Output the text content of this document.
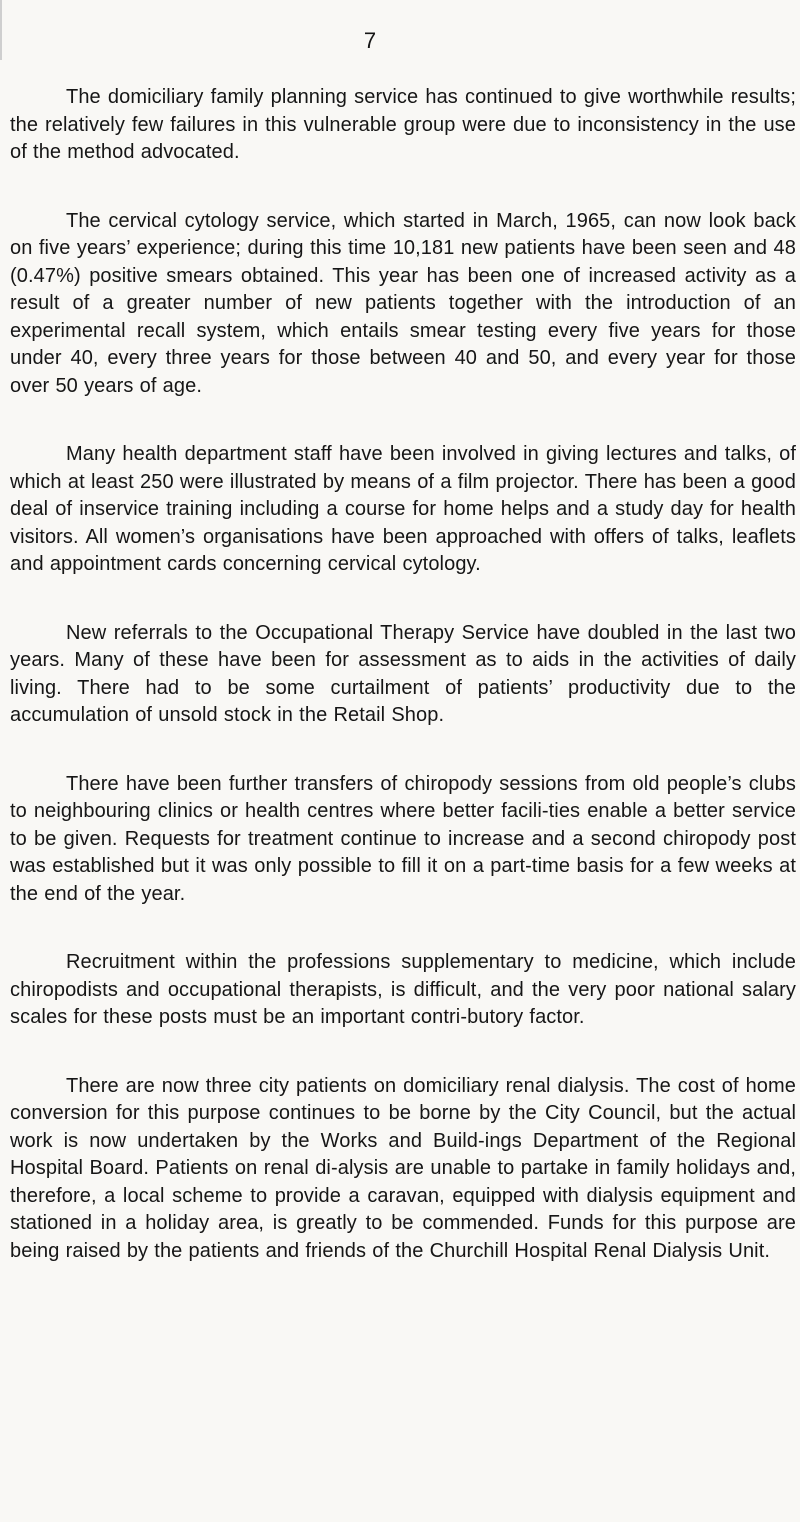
7

The domiciliary family planning service has continued to give worthwhile results; the relatively few failures in this vulnerable group were due to inconsistency in the use of the method advocated.

The cervical cytology service, which started in March, 1965, can now look back on five years’ experience; during this time 10,181 new patients have been seen and 48 (0.47%) positive smears obtained. This year has been one of increased activity as a result of a greater number of new patients together with the introduction of an experimental recall system, which entails smear testing every five years for those under 40, every three years for those between 40 and 50, and every year for those over 50 years of age.

Many health department staff have been involved in giving lectures and talks, of which at least 250 were illustrated by means of a film projector. There has been a good deal of inservice training including a course for home helps and a study day for health visitors. All women’s organisations have been approached with offers of talks, leaflets and appointment cards concerning cervical cytology.

New referrals to the Occupational Therapy Service have doubled in the last two years. Many of these have been for assessment as to aids in the activities of daily living. There had to be some curtailment of patients’ productivity due to the accumulation of unsold stock in the Retail Shop.

There have been further transfers of chiropody sessions from old people’s clubs to neighbouring clinics or health centres where better facili-ties enable a better service to be given. Requests for treatment continue to increase and a second chiropody post was established but it was only possible to fill it on a part-time basis for a few weeks at the end of the year.

Recruitment within the professions supplementary to medicine, which include chiropodists and occupational therapists, is difficult, and the very poor national salary scales for these posts must be an important contri-butory factor.

There are now three city patients on domiciliary renal dialysis. The cost of home conversion for this purpose continues to be borne by the City Council, but the actual work is now undertaken by the Works and Build-ings Department of the Regional Hospital Board. Patients on renal di-alysis are unable to partake in family holidays and, therefore, a local scheme to provide a caravan, equipped with dialysis equipment and stationed in a holiday area, is greatly to be commended. Funds for this purpose are being raised by the patients and friends of the Churchill Hospital Renal Dialysis Unit.
